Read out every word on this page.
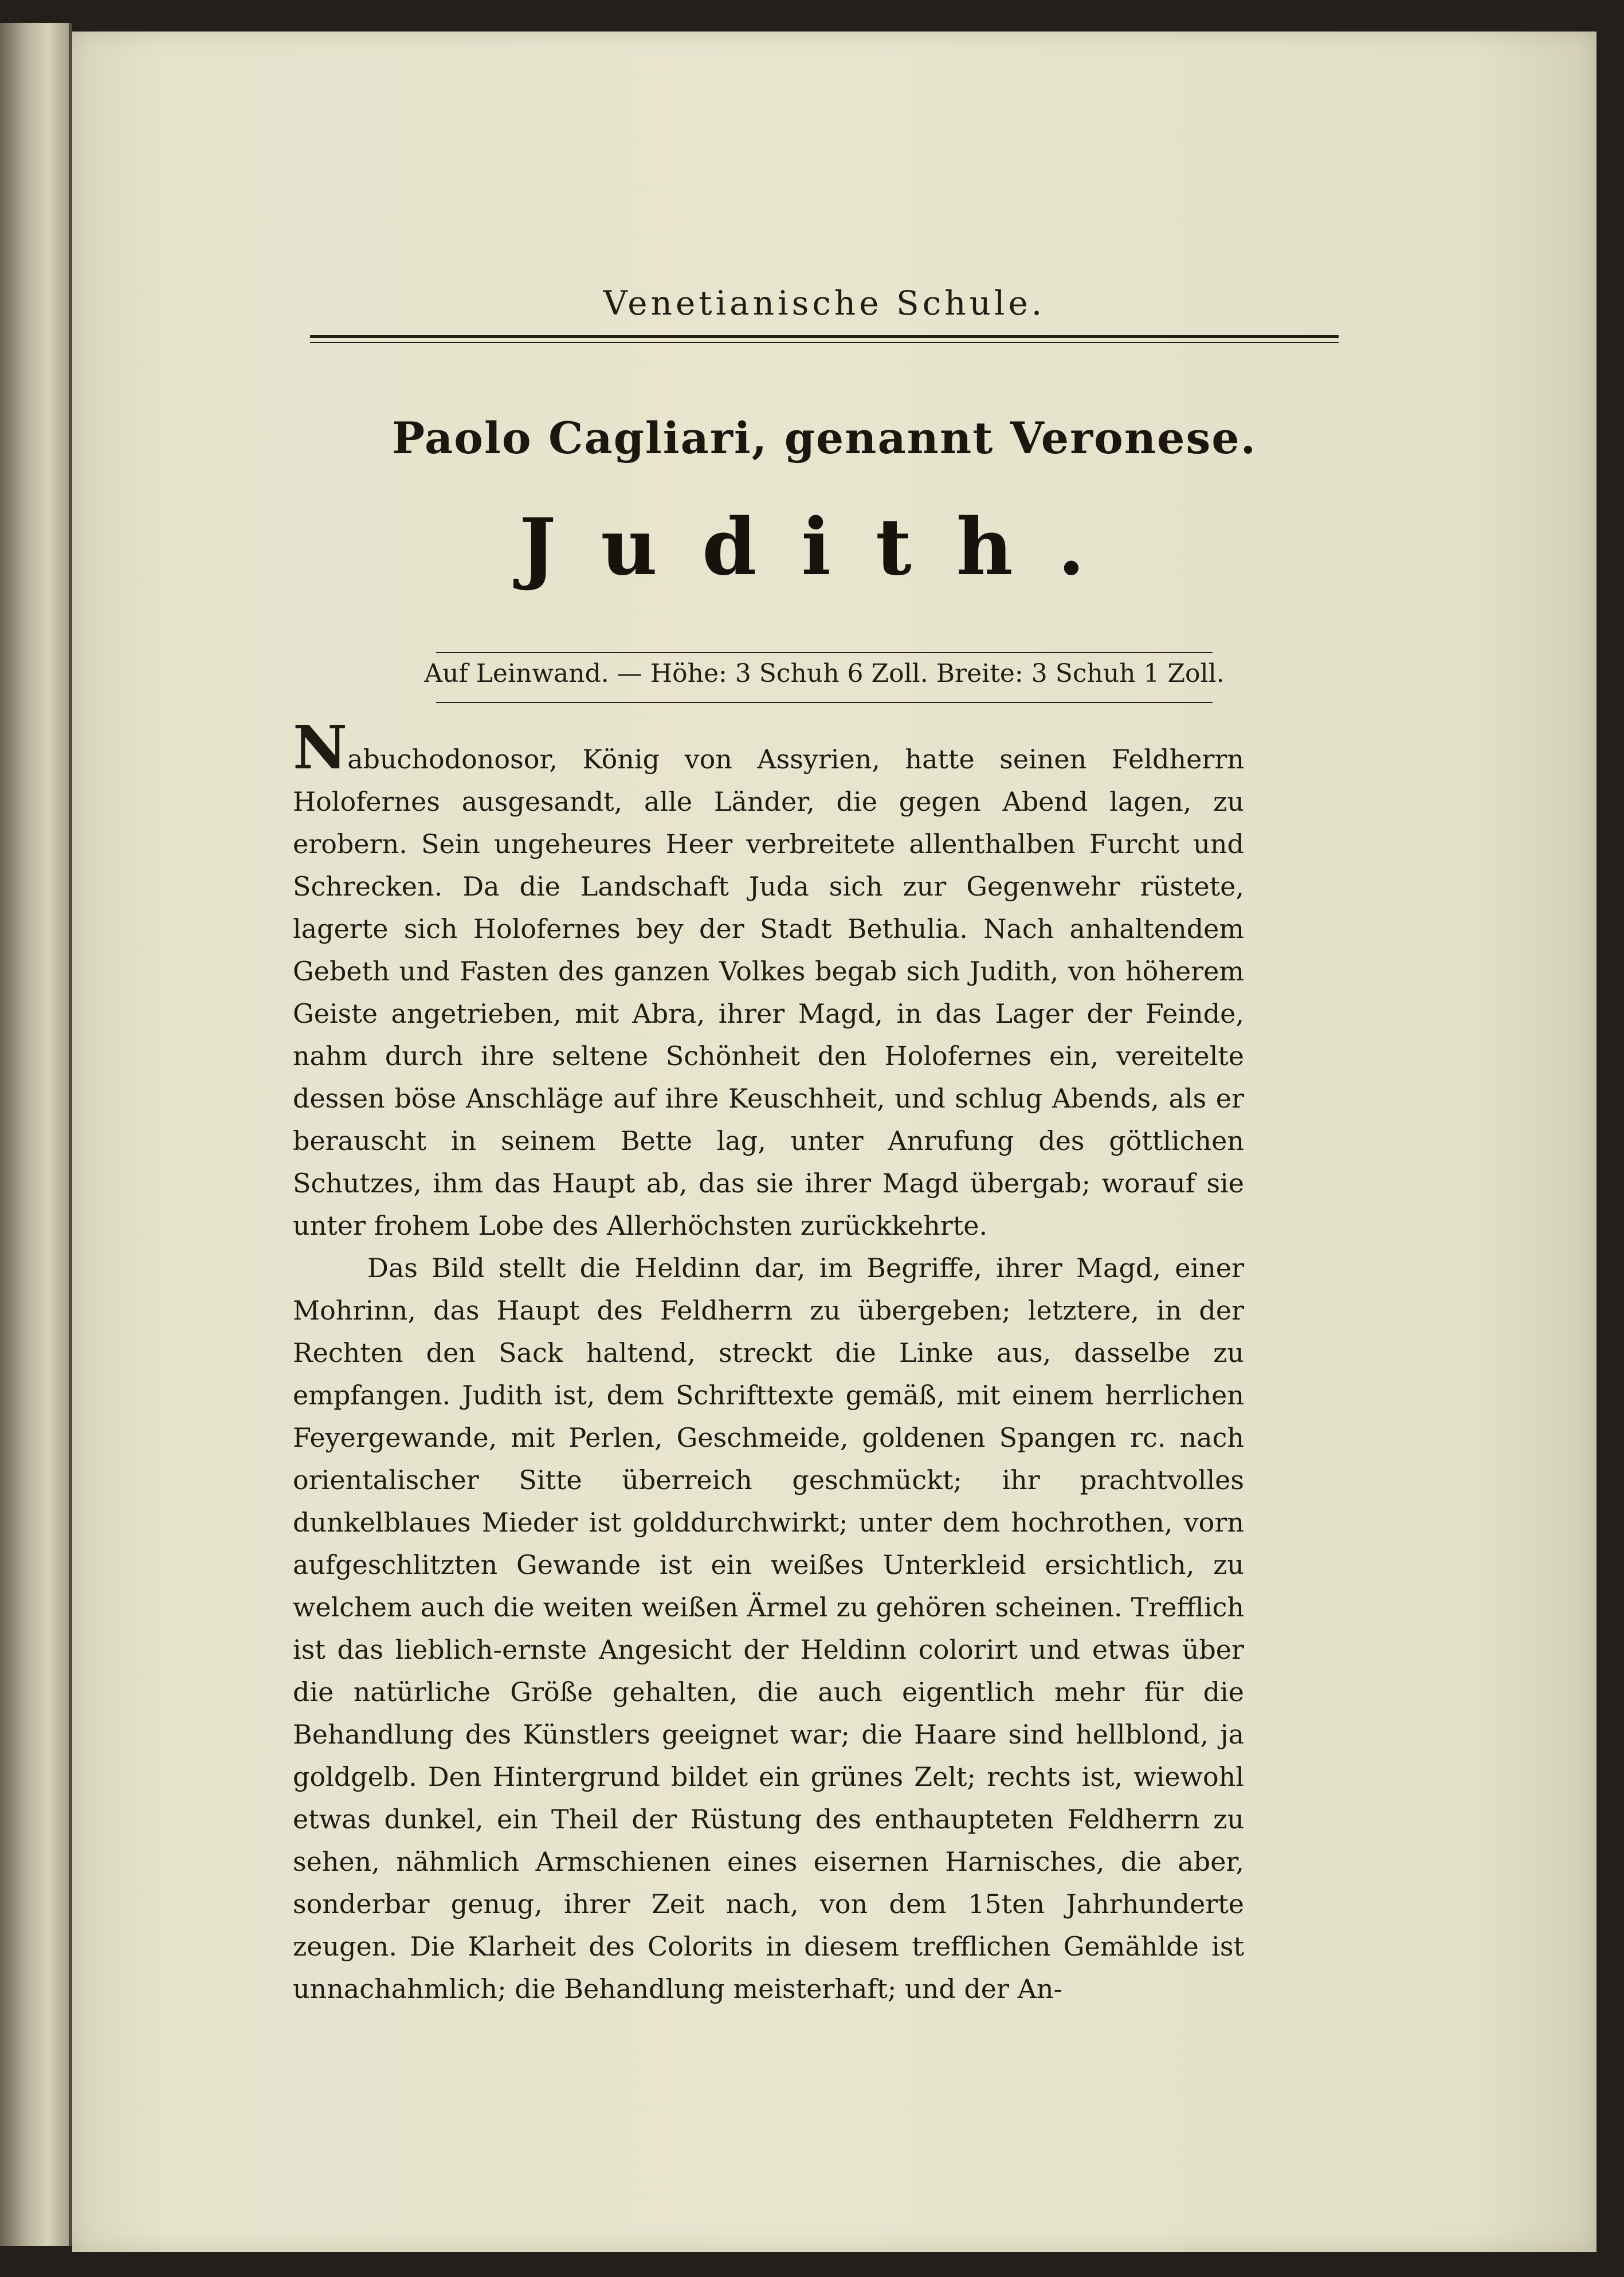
Venetianische Schule.
Paolo Cagliari, genannt Veronese.
Judith.
Auf Leinwand. — Höhe: 3 Schuh 6 Zoll. Breite: 3 Schuh 1 Zoll.

Nabuchodonosor, König von Assyrien, hatte seinen Feldherrn Holofernes ausgesandt, alle Länder, die gegen Abend lagen, zu erobern. Sein ungeheures Heer verbreitete allenthalben Furcht und Schrecken. Da die Landschaft Juda sich zur Gegenwehr rüstete, lagerte sich Holofernes bey der Stadt Bethulia. Nach anhaltendem Gebeth und Fasten des ganzen Volkes begab sich Judith, von höherem Geiste angetrieben, mit Abra, ihrer Magd, in das Lager der Feinde, nahm durch ihre seltene Schönheit den Holofernes ein, vereitelte dessen böse Anschläge auf ihre Keuschheit, und schlug Abends, als er berauscht in seinem Bette lag, unter Anrufung des göttlichen Schutzes, ihm das Haupt ab, das sie ihrer Magd übergab; worauf sie unter frohem Lobe des Allerhöchsten zurückkehrte.

Das Bild stellt die Heldinn dar, im Begriffe, ihrer Magd, einer Mohrinn, das Haupt des Feldherrn zu übergeben; letztere, in der Rechten den Sack haltend, streckt die Linke aus, dasselbe zu empfangen. Judith ist, dem Schrifttexte gemäß, mit einem herrlichen Feyergewande, mit Perlen, Geschmeide, goldenen Spangen rc. nach orientalischer Sitte überreich geschmückt; ihr prachtvolles dunkelblaues Mieder ist golddurchwirkt; unter dem hochrothen, vorn aufgeschlitzten Gewande ist ein weißes Unterkleid ersichtlich, zu welchem auch die weiten weißen Ärmel zu gehören scheinen. Trefflich ist das lieblich-ernste Angesicht der Heldinn colorirt und etwas über die natürliche Größe gehalten, die auch eigentlich mehr für die Behandlung des Künstlers geeignet war; die Haare sind hellblond, ja goldgelb. Den Hintergrund bildet ein grünes Zelt; rechts ist, wiewohl etwas dunkel, ein Theil der Rüstung des enthaupteten Feldherrn zu sehen, nähmlich Armschienen eines eisernen Harnisches, die aber, sonderbar genug, ihrer Zeit nach, von dem 15ten Jahrhunderte zeugen. Die Klarheit des Colorits in diesem trefflichen Gemählde ist unnachahmlich; die Behandlung meisterhaft; und der An-
